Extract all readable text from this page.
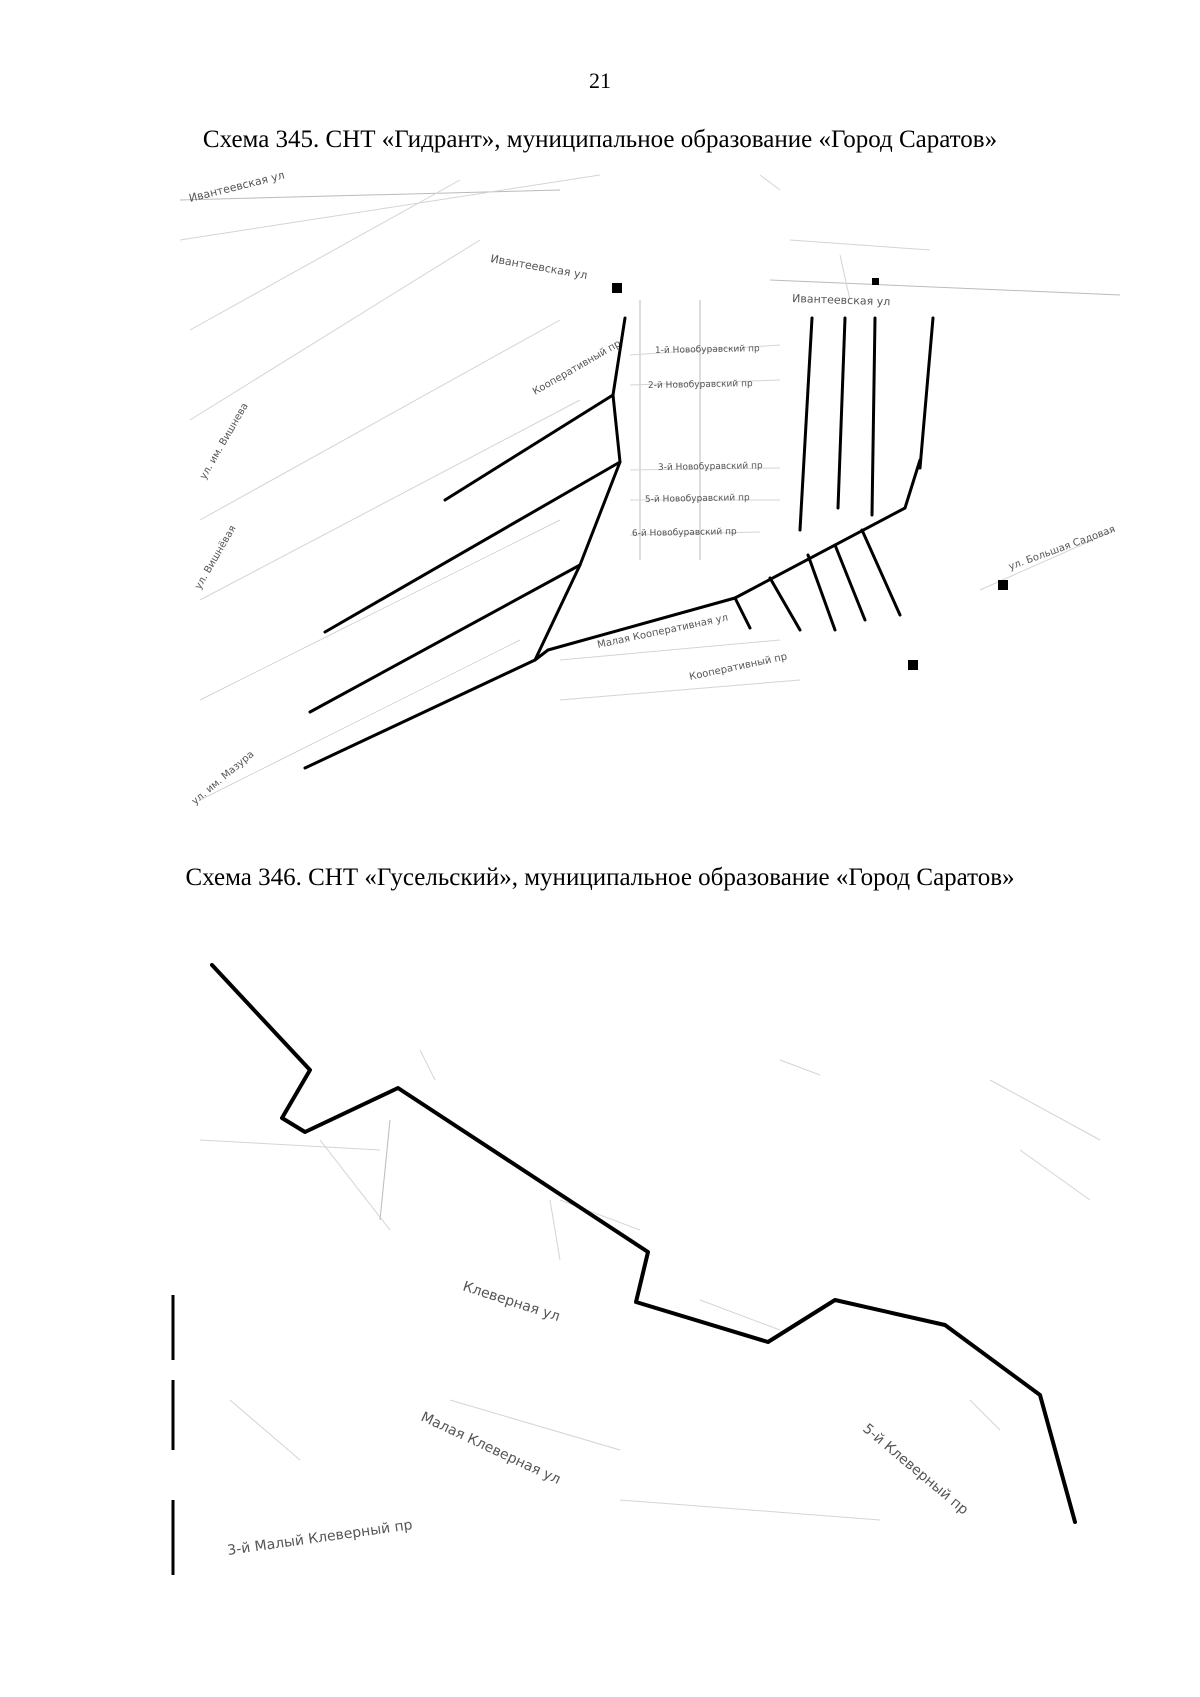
21
Схема 345. СНТ «Гидрант», муниципальное образование «Город Саратов»
Ивантеевская ул
Ивантеевская ул
Ивантеевская ул
1-й Новобуравский пр
2-й Новобуравский пр
3-й Новобуравский пр
5-й Новобуравский пр
6-й Новобуравский пр
Малая Кооперативная ул
Кооперативный пр
ул. им. Мазура
ул. Вишнёвая
ул. им. Вишнева
ул. Большая Садовая
Кооперативный пр
Схема 346. СНТ «Гусельский», муниципальное образование «Город Саратов»
Клеверная ул
Малая Клеверная ул	5-й Клеверный пр
3-й Малый Клеверный пр
